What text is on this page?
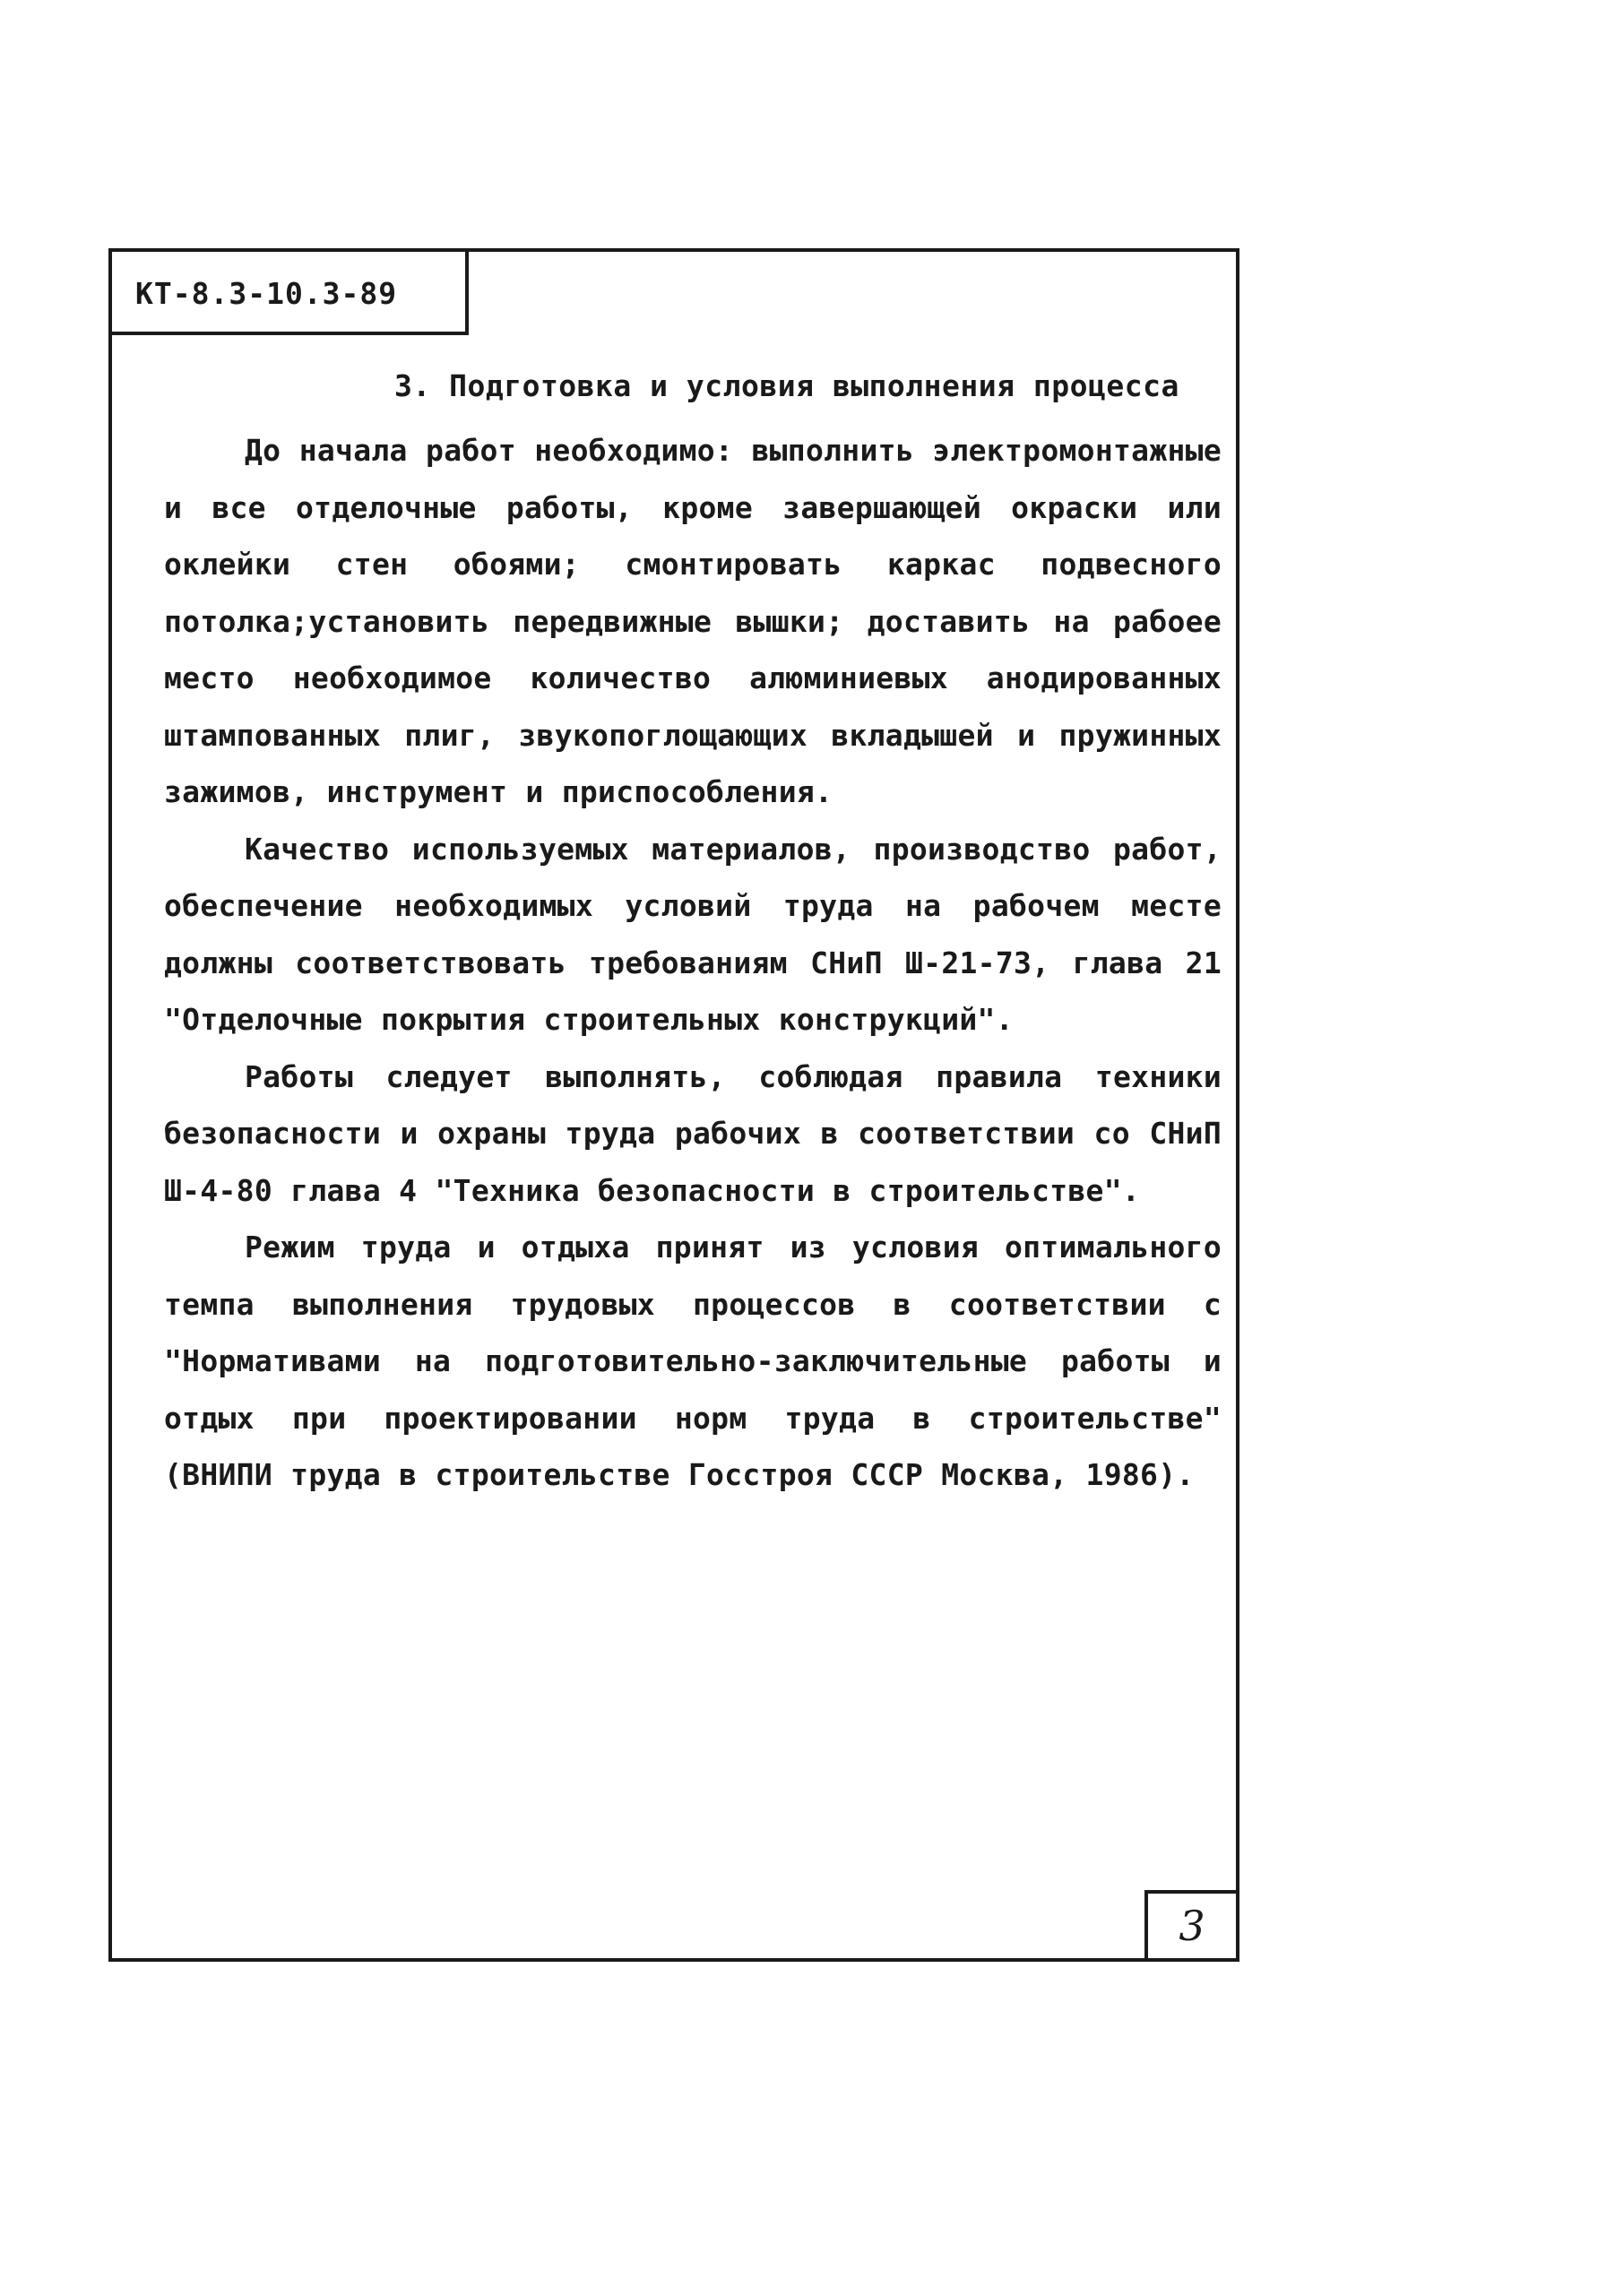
КТ-8.3-10.3-89
3. Подготовка и условия выполнения процесса

До начала работ необходимо: выполнить электромонтажные и все отделочные работы, кроме завершающей окраски или оклейки стен обоями; смонтировать каркас подвесного потолка;установить передвижные вышки; доставить на рабоее место необходимое количество алюминиевых анодированных штампованных плиг, звукопоглощающих вкладышей и пружинных зажимов, инструмент и приспособления.

Качество используемых материалов, производство работ, обеспечение необходимых условий труда на рабочем месте должны соответствовать требованиям СНиП Ш-21-73, глава 21 "Отделочные покрытия строительных конструкций".

Работы следует выполнять, соблюдая правила техники безопасности и охраны труда рабочих в соответствии со СНиП Ш-4-80 глава 4 "Техника безопасности в строительстве".

Режим труда и отдыха принят из условия оптимального темпа выполнения трудовых процессов в соответствии с "Нормативами на подготовительно-заключительные работы и отдых при проектировании норм труда в строительстве" (ВНИПИ труда в строительстве Госстроя СССР Москва, 1986).

3
